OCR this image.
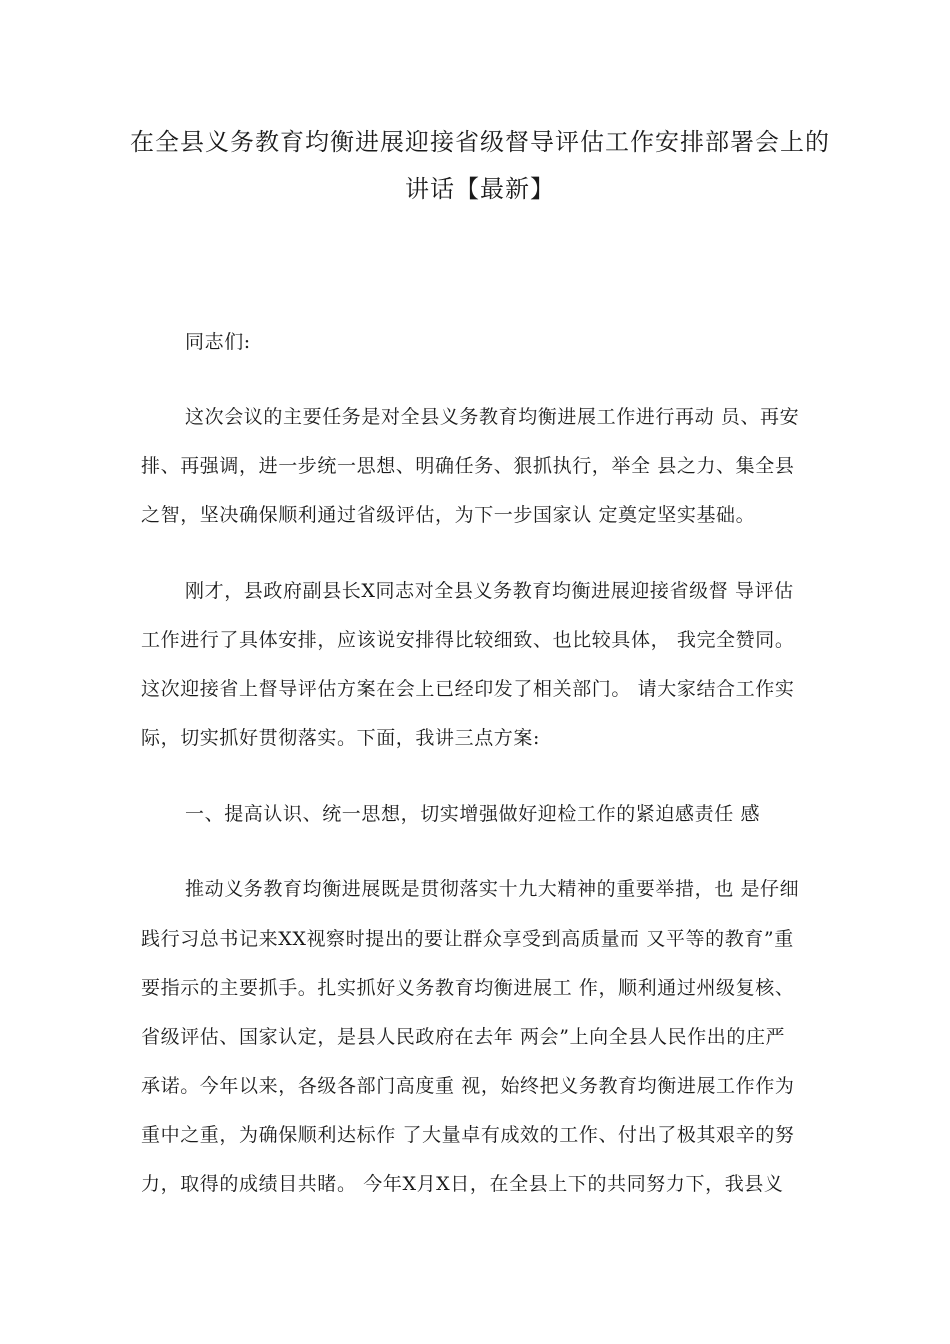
在全县义务教育均衡进展迎接省级督导评估工作安排部署会上的
讲话【最新】
同志们:
这次会议的主要任务是对全县义务教育均衡进展工作进行再动 员、再安
排、再强调，进一步统一思想、明确任务、狠抓执行，举全 县之力、集全县
之智，坚决确保顺利通过省级评估，为下一步国家认 定奠定坚实基础。
刚才，县政府副县长X同志对全县义务教育均衡进展迎接省级督 导评估
工作进行了具体安排，应该说安排得比较细致、也比较具体， 我完全赞同。
这次迎接省上督导评估方案在会上已经印发了相关部门。 请大家结合工作实
际，切实抓好贯彻落实。下面，我讲三点方案:
一、提高认识、统一思想，切实增强做好迎检工作的紧迫感责任 感
推动义务教育均衡进展既是贯彻落实十九大精神的重要举措，也 是仔细
践行习总书记来XX视察时提出的要让群众享受到高质量而 又平等的教育”重
要指示的主要抓手。扎实抓好义务教育均衡进展工 作，顺利通过州级复核、
省级评估、国家认定，是县人民政府在去年 两会”上向全县人民作出的庄严
承诺。今年以来，各级各部门高度重 视，始终把义务教育均衡进展工作作为
重中之重，为确保顺利达标作 了大量卓有成效的工作、付出了极其艰辛的努
力，取得的成绩目共睹。 今年X月X日，在全县上下的共同努力下，我县义
